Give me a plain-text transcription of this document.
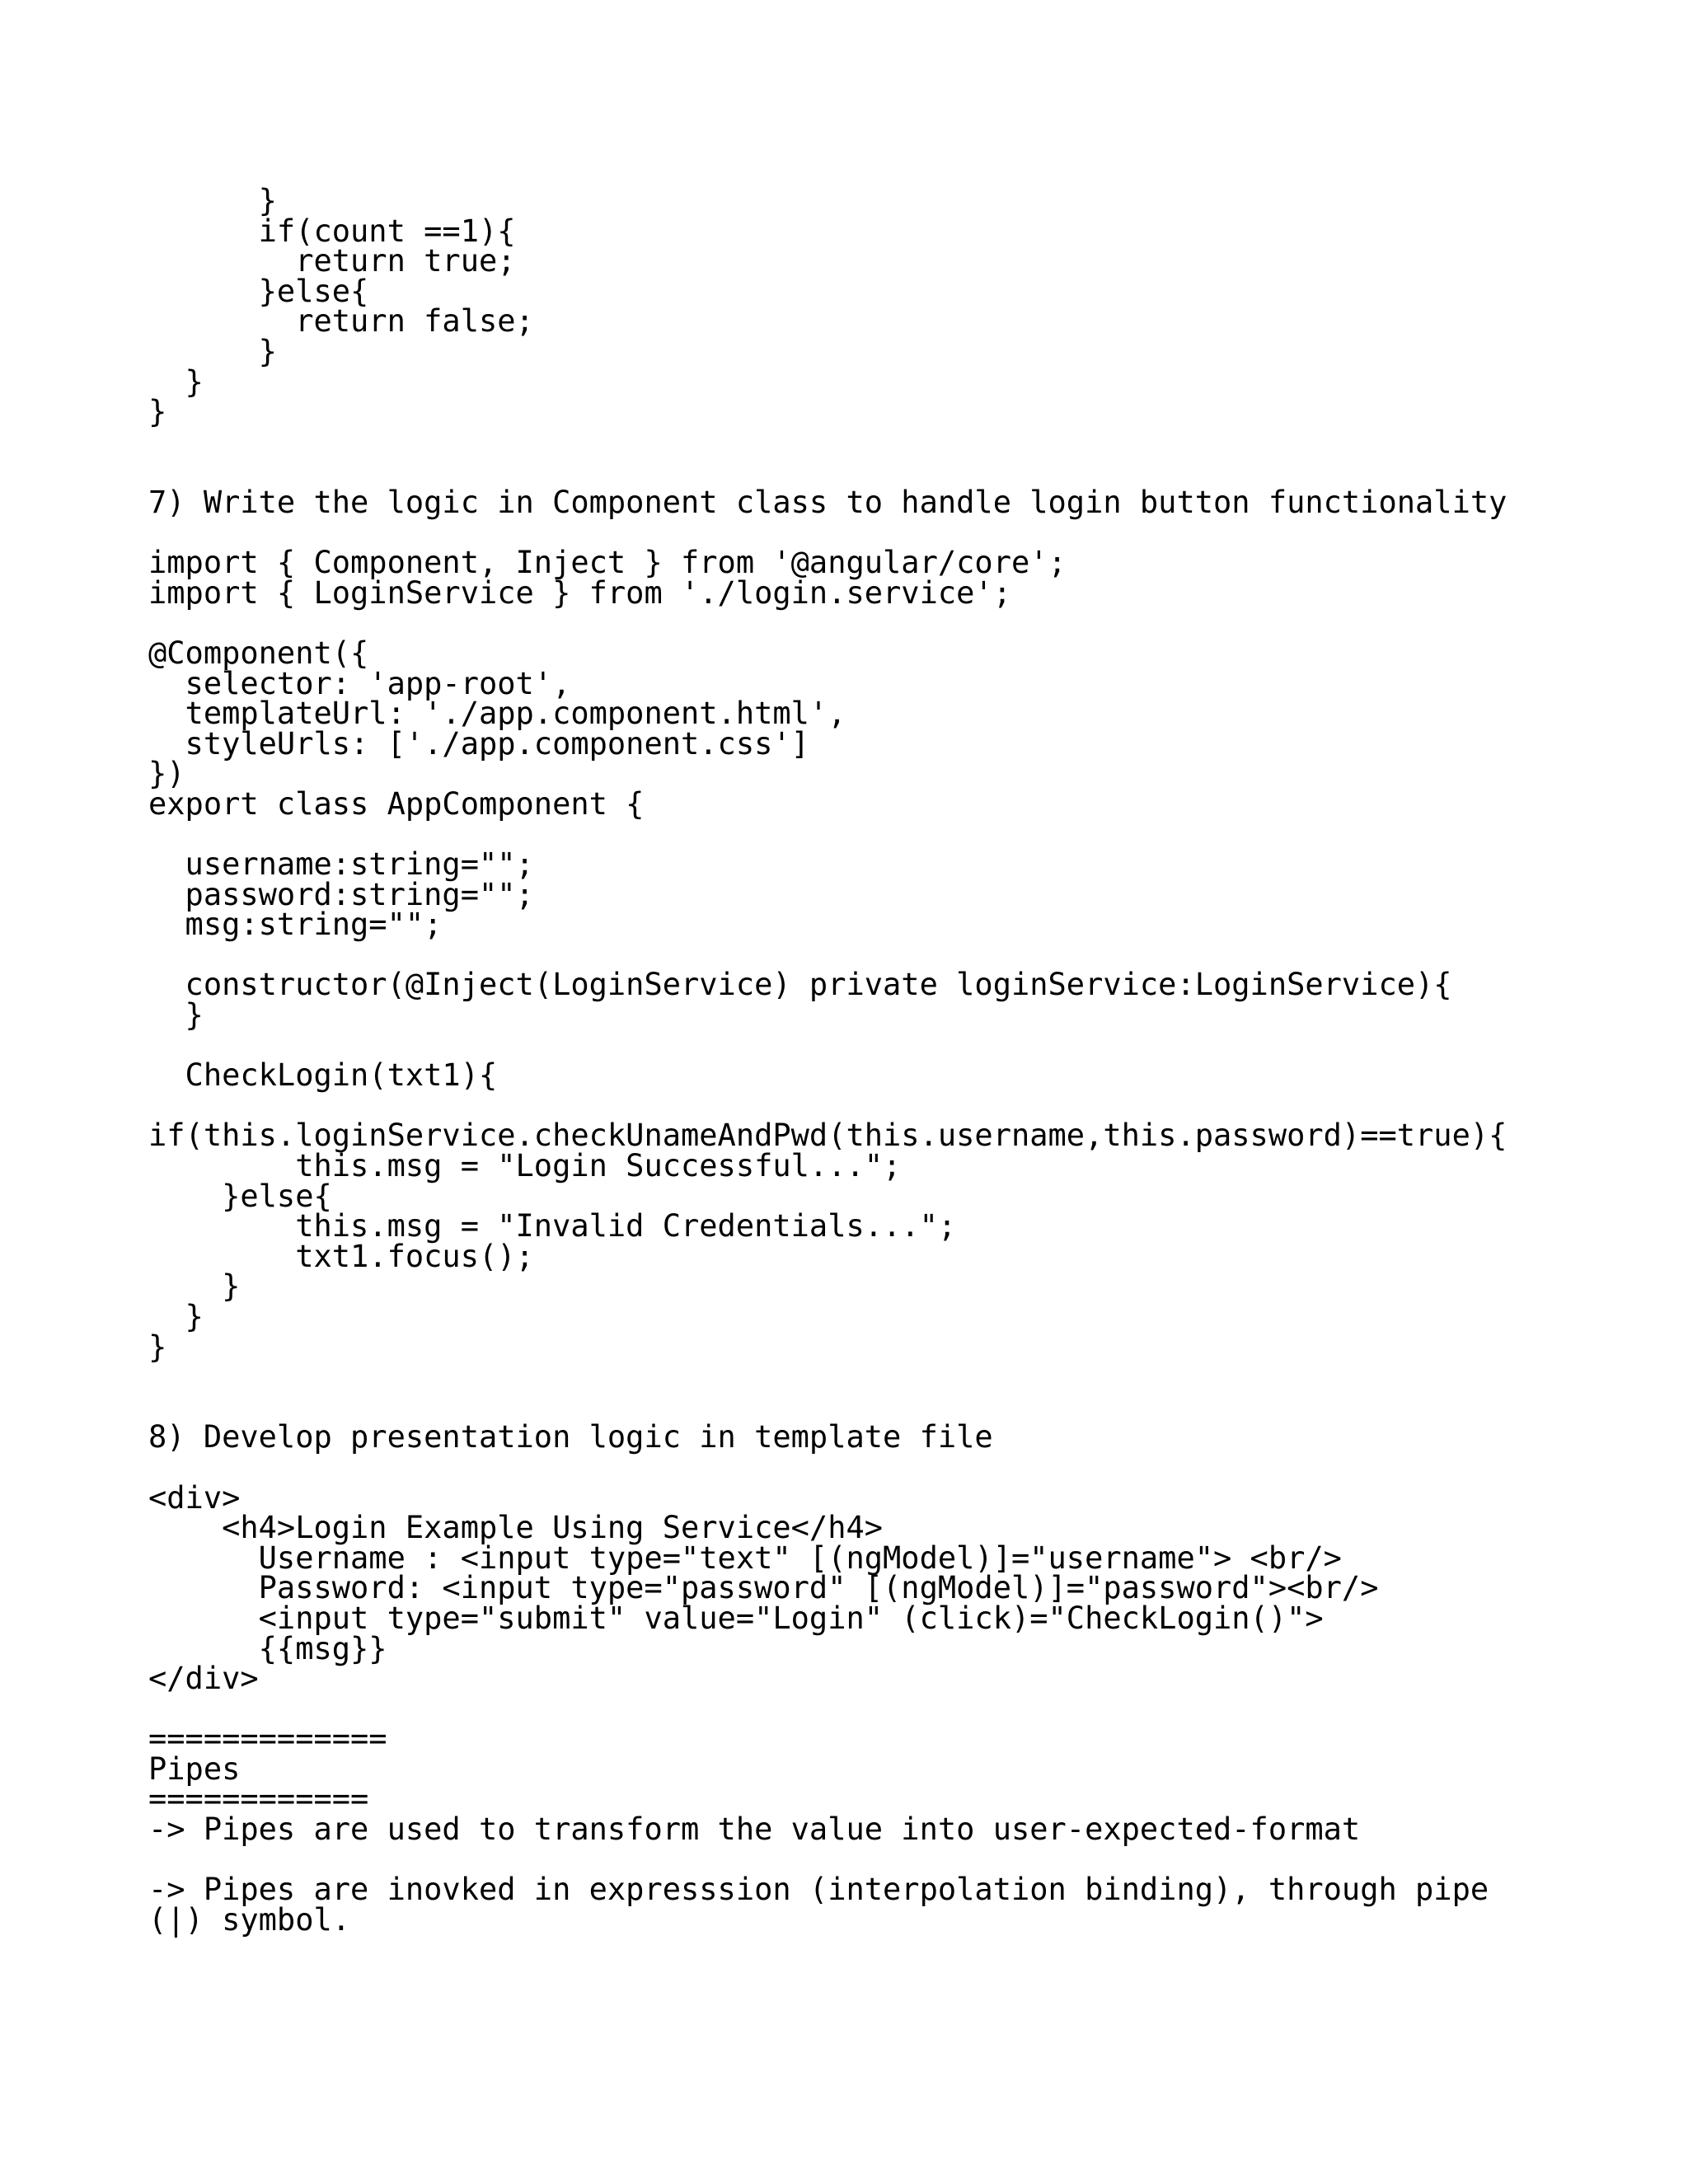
}
if(count ==1){
return true;
}else{
return false;
}
}
}
7) Write the logic in Component class to handle login button functionality
import { Component, Inject } from '@angular/core';
import { LoginService } from './login.service';
@Component({
selector: 'app-root',
templateUrl: './app.component.html',
styleUrls: ['./app.component.css']
})
export class AppComponent {
username:string="";
password:string="";
msg:string="";
constructor(@Inject(LoginService) private loginService:LoginService){
}
CheckLogin(txt1){
if(this.loginService.checkUnameAndPwd(this.username,this.password)==true){
this.msg = "Login Successful...";
}else{
this.msg = "Invalid Credentials...";
txt1.focus();
}
}
}
8) Develop presentation logic in template file
<div>
<h4>Login Example Using Service</h4>
Username : <input type="text" [(ngModel)]="username"> <br/>
Password: <input type="password" [(ngModel)]="password"><br/>
<input type="submit" value="Login" (click)="CheckLogin()">
{{msg}}
</div>
=============
Pipes
============
-> Pipes are used to transform the value into user-expected-format
-> Pipes are inovked in expresssion (interpolation binding), through pipe
(|) symbol.
